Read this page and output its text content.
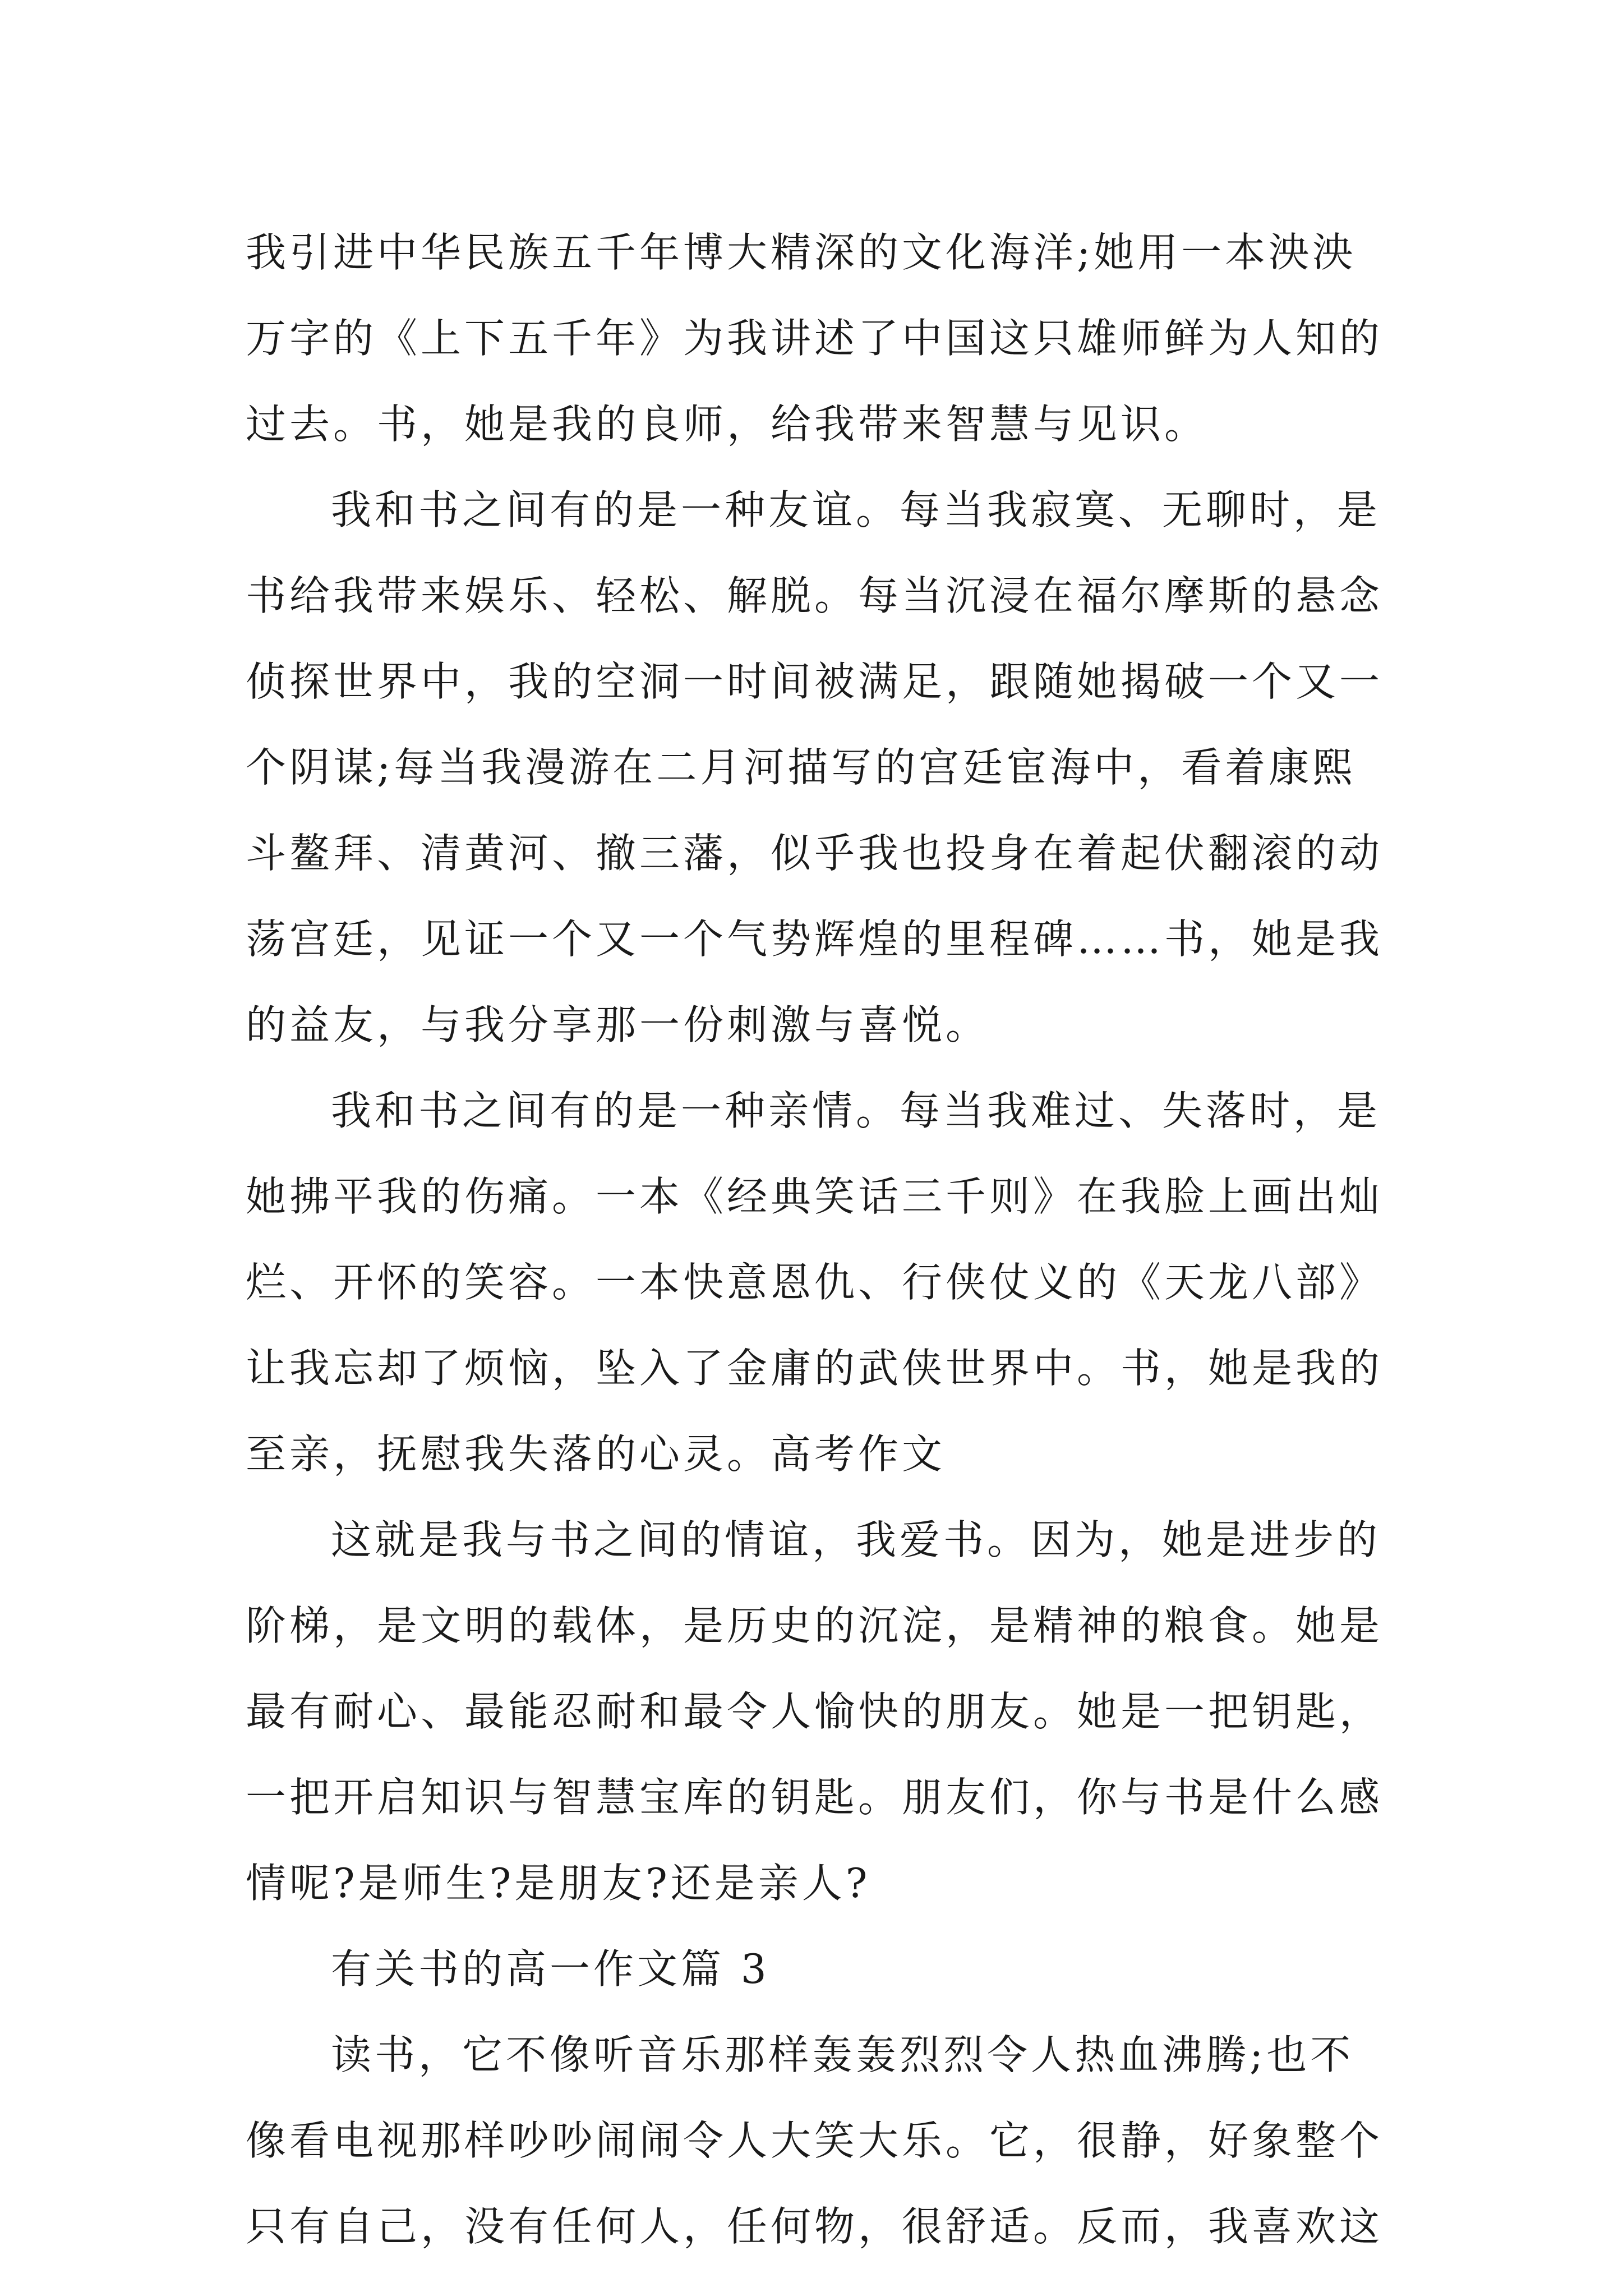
我引进中华民族五千年博大精深的文化海洋;她用一本泱泱
万字的《上下五千年》为我讲述了中国这只雄师鲜为人知的
过去。书，她是我的良师，给我带来智慧与见识。
我和书之间有的是一种友谊。每当我寂寞、无聊时，是
书给我带来娱乐、轻松、解脱。每当沉浸在福尔摩斯的悬念
侦探世界中，我的空洞一时间被满足，跟随她揭破一个又一
个阴谋;每当我漫游在二月河描写的宫廷宦海中，看着康熙
斗鳌拜、清黄河、撤三藩，似乎我也投身在着起伏翻滚的动
荡宫廷，见证一个又一个气势辉煌的里程碑……书，她是我
的益友，与我分享那一份刺激与喜悦。
我和书之间有的是一种亲情。每当我难过、失落时，是
她拂平我的伤痛。一本《经典笑话三千则》在我脸上画出灿
烂、开怀的笑容。一本快意恩仇、行侠仗义的《天龙八部》
让我忘却了烦恼，坠入了金庸的武侠世界中。书，她是我的
至亲，抚慰我失落的心灵。高考作文
这就是我与书之间的情谊，我爱书。因为，她是进步的
阶梯，是文明的载体，是历史的沉淀，是精神的粮食。她是
最有耐心、最能忍耐和最令人愉快的朋友。她是一把钥匙，
一把开启知识与智慧宝库的钥匙。朋友们，你与书是什么感
情呢?是师生?是朋友?还是亲人?
有关书的高一作文篇 3
读书，它不像听音乐那样轰轰烈烈令人热血沸腾;也不
像看电视那样吵吵闹闹令人大笑大乐。它，很静，好象整个
只有自己，没有任何人，任何物，很舒适。反而，我喜欢这
